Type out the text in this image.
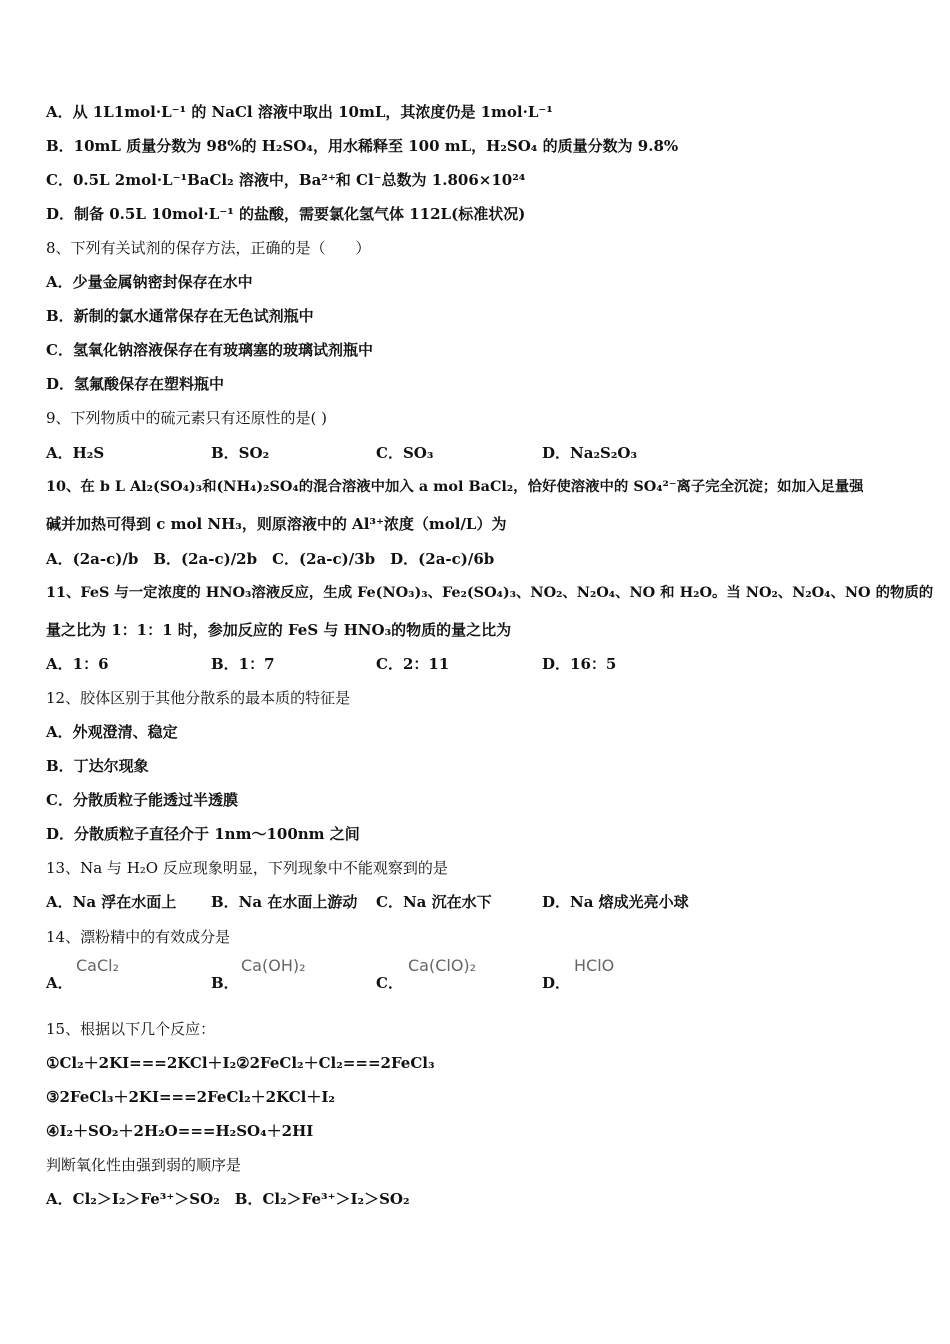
A．从 1L1mol·L⁻¹ 的 NaCl 溶液中取出 10mL，其浓度仍是 1mol·L⁻¹
B．10mL 质量分数为 98%的 H₂SO₄，用水稀释至 100 mL，H₂SO₄ 的质量分数为 9.8%
C．0.5L 2mol·L⁻¹BaCl₂ 溶液中，Ba²⁺和 Cl⁻总数为 1.806×10²⁴
D．制备 0.5L 10mol·L⁻¹ 的盐酸，需要氯化氢气体 112L(标准状况)
8、下列有关试剂的保存方法，正确的是（　　）
A．少量金属钠密封保存在水中
B．新制的氯水通常保存在无色试剂瓶中
C．氢氧化钠溶液保存在有玻璃塞的玻璃试剂瓶中
D．氢氟酸保存在塑料瓶中
9、下列物质中的硫元素只有还原性的是( )
A．H₂S	B．SO₂	C．SO₃	D．Na₂S₂O₃
10、在 b L Al₂(SO₄)₃和(NH₄)₂SO₄的混合溶液中加入 a mol BaCl₂，恰好使溶液中的 SO₄²⁻离子完全沉淀；如加入足量强
碱并加热可得到 c mol NH₃，则原溶液中的 Al³⁺浓度（mol/L）为
A．(2a-c)/b　B．(2a-c)/2b　C．(2a-c)/3b　D．(2a-c)/6b
11、FeS 与一定浓度的 HNO₃溶液反应，生成 Fe(NO₃)₃、Fe₂(SO₄)₃、NO₂、N₂O₄、NO 和 H₂O。当 NO₂、N₂O₄、NO 的物质的
量之比为 1：1：1 时，参加反应的 FeS 与 HNO₃的物质的量之比为
A．1：6	B．1：7	C．2：11	D．16：5
12、胶体区别于其他分散系的最本质的特征是
A．外观澄清、稳定
B．丁达尔现象
C．分散质粒子能透过半透膜
D．分散质粒子直径介于 1nm～100nm 之间
13、Na 与 H₂O 反应现象明显，下列现象中不能观察到的是
A．Na 浮在水面上 B．Na 在水面上游动 C．Na 沉在水下	D．Na 熔成光亮小球
14、漂粉精中的有效成分是
A．
CaCl₂
B．
Ca(OH)₂
C．
Ca(ClO)₂
D．
HClO
15、根据以下几个反应：
①Cl₂＋2KI===2KCl＋I₂②2FeCl₂＋Cl₂===2FeCl₃
③2FeCl₃＋2KI===2FeCl₂＋2KCl＋I₂
④I₂＋SO₂＋2H₂O===H₂SO₄＋2HI
判断氧化性由强到弱的顺序是
A．Cl₂＞I₂＞Fe³⁺＞SO₂　B．Cl₂＞Fe³⁺＞I₂＞SO₂
